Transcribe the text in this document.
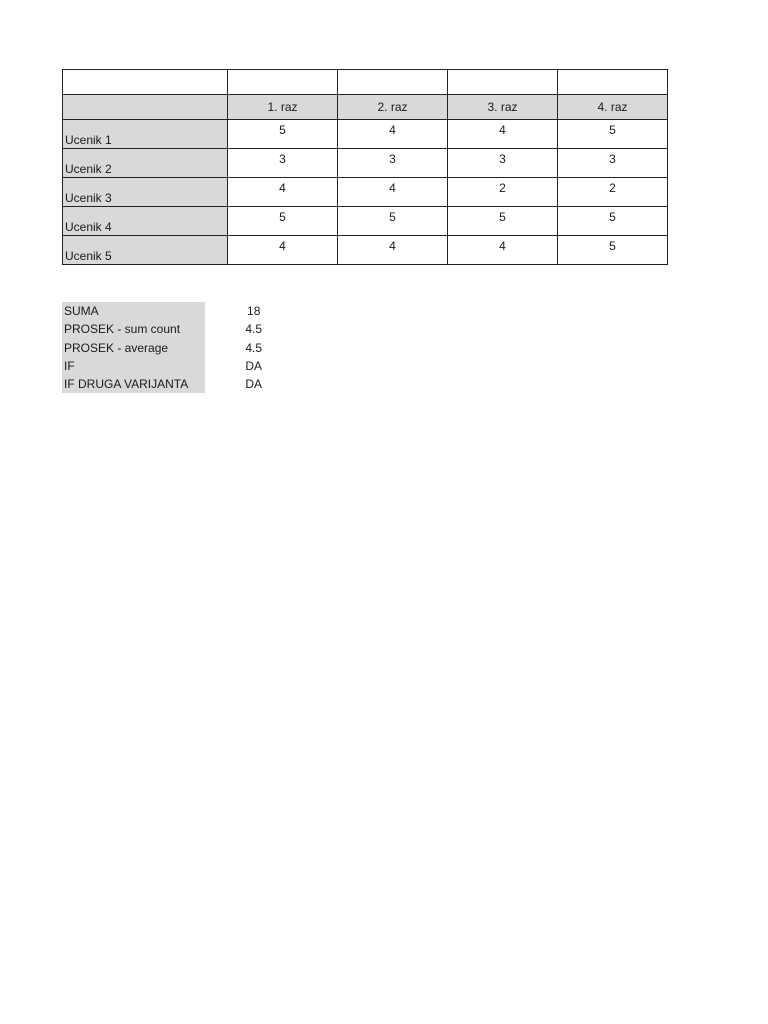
	1. raz	2. raz	3. raz	4. raz
Ucenik 1	5	4	4	5
Ucenik 2	3	3	3	3
Ucenik 3	4	4	2	2
Ucenik 4	5	5	5	5
Ucenik 5	4	4	4	5
SUMA	18
PROSEK - sum count	4.5
PROSEK - average	4.5
IF	DA
IF DRUGA VARIJANTA	DA
